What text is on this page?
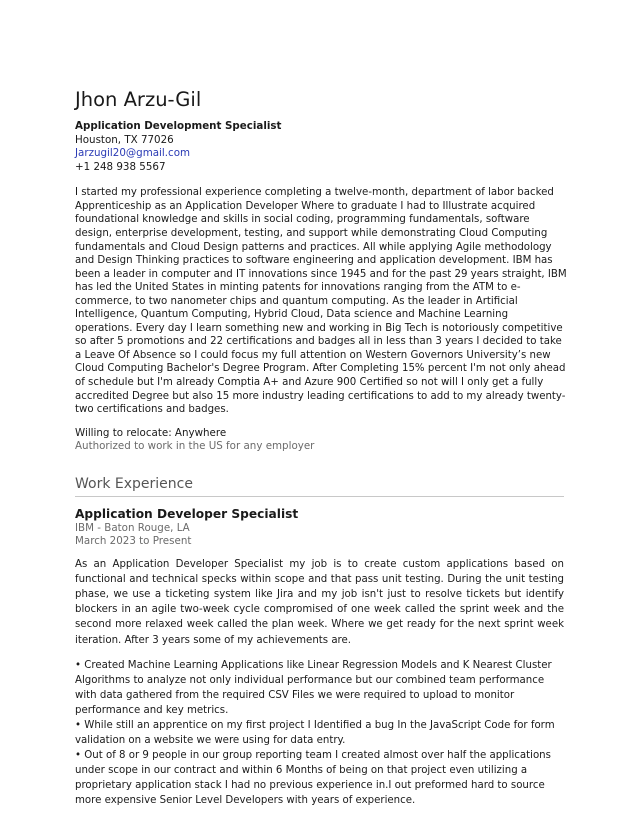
Jhon Arzu-Gil

Application Development Specialist

Houston, TX 77026

Jarzugil20@gmail.com

+1 248 938 5567

I started my professional experience completing a twelve-month, department of labor backed Apprenticeship as an Application Developer Where to graduate I had to Illustrate acquired foundational knowledge and skills in social coding, programming fundamentals, software design, enterprise development, testing, and support while demonstrating Cloud Computing fundamentals and Cloud Design patterns and practices. All while applying Agile methodology and Design Thinking practices to software engineering and application development. IBM has been a leader in computer and IT innovations since 1945 and for the past 29 years straight, IBM has led the United States in minting patents for innovations ranging from the ATM to e-commerce, to two nanometer chips and quantum computing. As the leader in Artificial Intelligence, Quantum Computing, Hybrid Cloud, Data science and Machine Learning operations. Every day I learn something new and working in Big Tech is notoriously competitive so after 5 promotions and 22 certifications and badges all in less than 3 years I decided to take a Leave Of Absence so I could focus my full attention on Western Governors University’s new Cloud Computing Bachelor's Degree Program. After Completing 15% percent I'm not only ahead of schedule but I'm already Comptia A+ and Azure 900 Certified so not will I only get a fully accredited Degree but also 15 more industry leading certifications to add to my already twenty-two certifications and badges.

Willing to relocate: Anywhere

Authorized to work in the US for any employer

Work Experience

Application Developer Specialist

IBM - Baton Rouge, LA

March 2023 to Present

As an Application Developer Specialist my job is to create custom applications based on functional and technical specks within scope and that pass unit testing. During the unit testing phase, we use a ticketing system like Jira and my job isn't just to resolve tickets but identify blockers in an agile two-week cycle compromised of one week called the sprint week and the second more relaxed week called the plan week. Where we get ready for the next sprint week iteration. After 3 years some of my achievements are.

• Created Machine Learning Applications like Linear Regression Models and K Nearest Cluster Algorithms to analyze not only individual performance but our combined team performance with data gathered from the required CSV Files we were required to upload to monitor performance and key metrics.

• While still an apprentice on my first project I Identified a bug In the JavaScript Code for form validation on a website we were using for data entry.

• Out of 8 or 9 people in our group reporting team I created almost over half the applications under scope in our contract and within 6 Months of being on that project even utilizing a proprietary application stack I had no previous experience in.I out preformed hard to source more expensive Senior Level Developers with years of experience.
